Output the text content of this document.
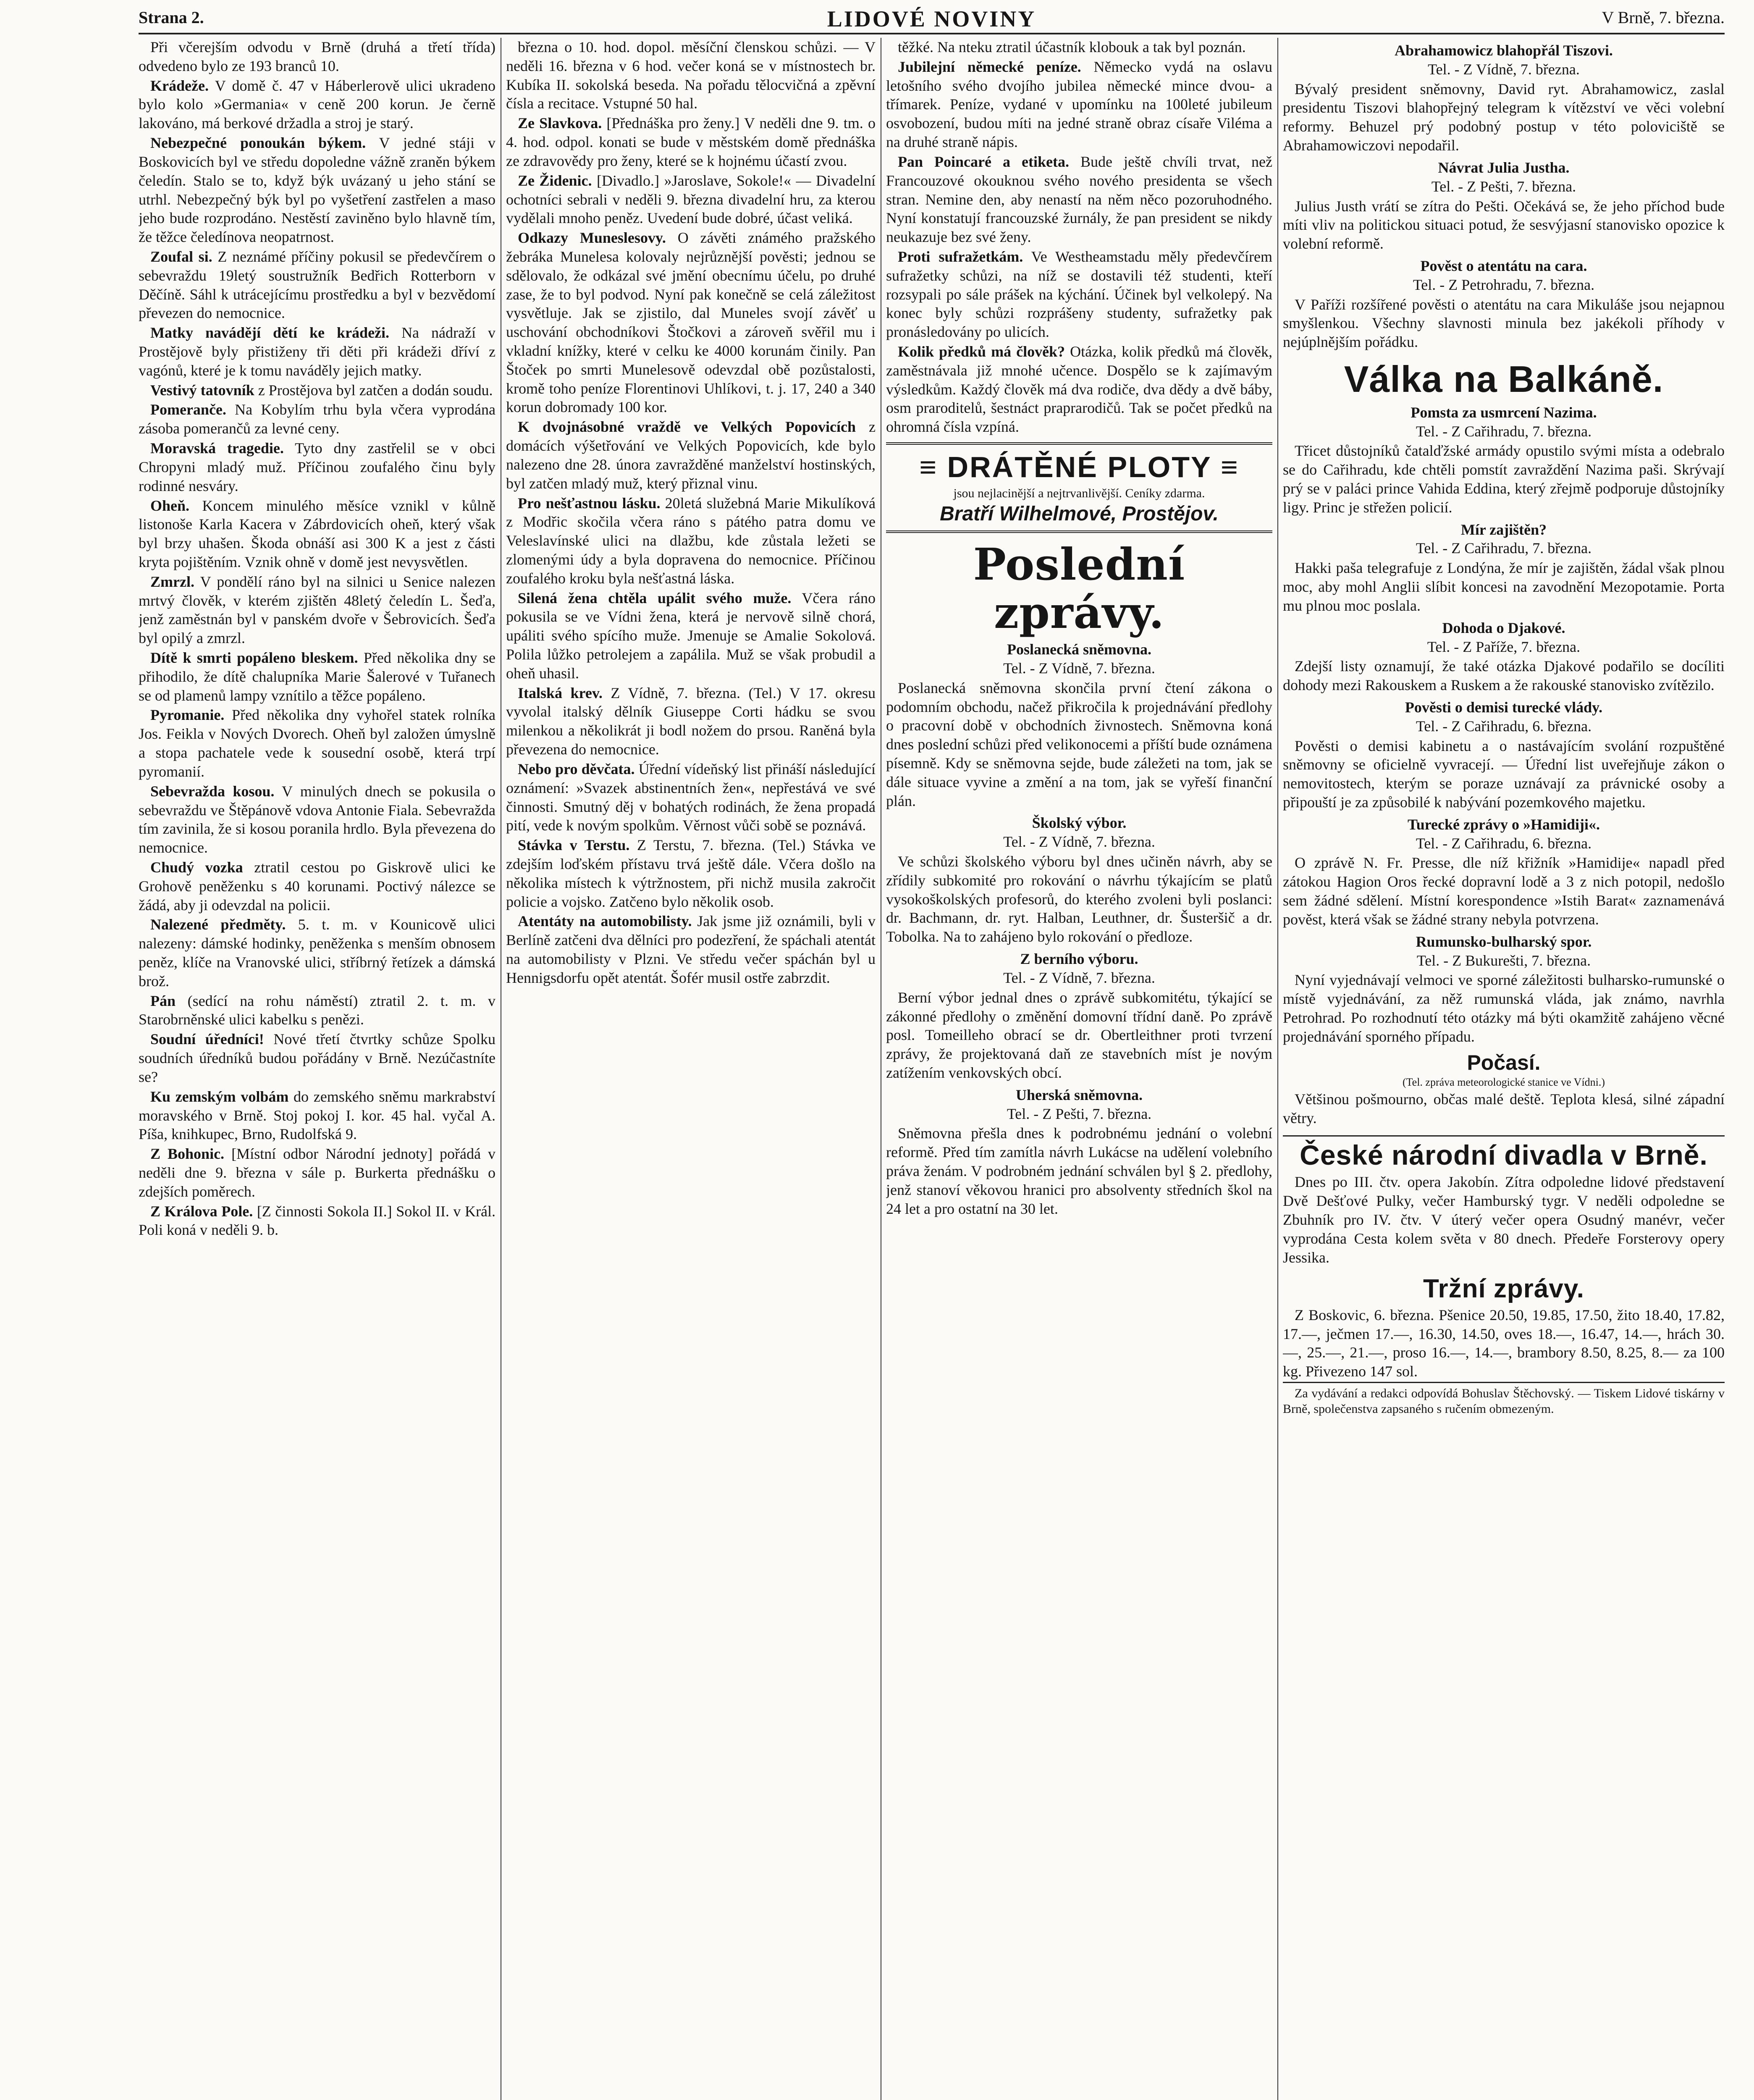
Strana 2.	LIDOVÉ NOVINY	V Brně, 7. března.

Při včerejším odvodu v Brně (druhá a třetí třída) odvedeno bylo ze 193 branců 10.

Krádeže. V domě č. 47 v Háberlerově ulici ukradeno bylo kolo »Germania« v ceně 200 korun. Je černě lakováno, má berkové držadla a stroj je starý.

Nebezpečné ponoukán býkem. V jedné stáji v Boskovicích byl ve středu dopoledne vážně zraněn býkem čeledín. Stalo se to, když býk uvázaný u jeho stání se utrhl. Nebezpečný býk byl po vyšetření zastřelen a maso jeho bude rozprodáno. Nestěstí zaviněno bylo hlavně tím, že těžce čeledínova neopatrnost.

Zoufal si. Z neznámé příčiny pokusil se předevčírem o sebevraždu 19letý soustružník Bedřich Rotterborn v Děčíně. Sáhl k utrácejícímu prostředku a byl v bezvědomí převezen do nemocnice.

Matky navádějí dětí ke krádeži. Na nádraží v Prostějově byly přistiženy tři děti při krádeži dříví z vagónů, které je k tomu naváděly jejich matky.

Vestivý tatovník z Prostějova byl zatčen a dodán soudu.

Pomeranče. Na Kobylím trhu byla včera vyprodána zásoba pomerančů za levné ceny.

Moravská tragedie. Tyto dny zastřelil se v obci Chropyni mladý muž. Příčinou zoufalého činu byly rodinné nesváry.

Oheň. Koncem minulého měsíce vznikl v kůlně listonoše Karla Kacera v Zábrdovicích oheň, který však byl brzy uhašen. Škoda obnáší asi 300 K a jest z části kryta pojištěním. Vznik ohně v domě jest nevysvětlen.

Zmrzl. V pondělí ráno byl na silnici u Senice nalezen mrtvý člověk, v kterém zjištěn 48letý čeledín L. Šeďa, jenž zaměstnán byl v panském dvoře v Šebrovicích. Šeďa byl opilý a zmrzl.

Dítě k smrti popáleno bleskem. Před několika dny se přihodilo, že dítě chalupníka Marie Šalerové v Tuřanech se od plamenů lampy vznítilo a těžce popáleno.

Pyromanie. Před několika dny vyhořel statek rolníka Jos. Feikla v Nových Dvorech. Oheň byl založen úmyslně a stopa pachatele vede k sousední osobě, která trpí pyromanií.

Sebevražda kosou. V minulých dnech se pokusila o sebevraždu ve Štěpánově vdova Antonie Fiala. Sebevražda tím zavinila, že si kosou poranila hrdlo. Byla převezena do nemocnice.

Chudý vozka ztratil cestou po Giskrově ulici ke Grohově peněženku s 40 korunami. Poctivý nálezce se žádá, aby ji odevzdal na policii.

Nalezené předměty. 5. t. m. v Kounicově ulici nalezeny: dámské hodinky, peněženka s menším obnosem peněz, klíče na Vranovské ulici, stříbrný řetízek a dámská brož.

Pán (sedící na rohu náměstí) ztratil 2. t. m. v Starobrněnské ulici kabelku s penězi.

Soudní úředníci! Nové třetí čtvrtky schůze Spolku soudních úředníků budou pořádány v Brně. Nezúčastníte se?

Ku zemským volbám do zemského sněmu markrabství moravského v Brně. Stoj pokoj I. kor. 45 hal. vyčal A. Píša, knihkupec, Brno, Rudolfská 9.

Z Bohonic. [Místní odbor Národní jednoty] pořádá v neděli dne 9. března v sále p. Burkerta přednášku o zdejších poměrech.

Z Králova Pole. [Z činnosti Sokola II.] Sokol II. v Král. Poli koná v neděli 9. b.

března o 10. hod. dopol. měsíční členskou schůzi. — V neděli 16. března v 6 hod. večer koná se v místnostech br. Kubíka II. sokolská beseda. Na pořadu tělocvičná a zpěvní čísla a recitace. Vstupné 50 hal.

Ze Slavkova. [Přednáška pro ženy.] V neděli dne 9. tm. o 4. hod. odpol. konati se bude v městském domě přednáška ze zdravovědy pro ženy, které se k hojnému účastí zvou.

Ze Židenic. [Divadlo.] »Jaroslave, Sokole!« — Divadelní ochotníci sebrali v neděli 9. března divadelní hru, za kterou vydělali mnoho peněz. Uvedení bude dobré, účast veliká.

Odkazy Muneslesovy. O závěti známého pražského žebráka Munelesa kolovaly nejrůznější pověsti; jednou se sdělovalo, že odkázal své jmění obecnímu účelu, po druhé zase, že to byl podvod. Nyní pak konečně se celá záležitost vysvětluje. Jak se zjistilo, dal Muneles svojí závěť u uschování obchodníkovi Štočkovi a zároveň svěřil mu i vkladní knížky, které v celku ke 4000 korunám činily. Pan Štoček po smrti Munelesově odevzdal obě pozůstalosti, kromě toho peníze Florentinovi Uhlíkovi, t. j. 17, 240 a 340 korun dobromady 100 kor.

K dvojnásobné vraždě ve Velkých Popovicích z domácích výšetřování ve Velkých Popovicích, kde bylo nalezeno dne 28. února zavražděné manželství hostinských, byl zatčen mladý muž, který přiznal vinu.

Pro nešťastnou lásku. 20letá služebná Marie Mikulíková z Modřic skočila včera ráno s pátého patra domu ve Veleslavínské ulici na dlažbu, kde zůstala ležeti se zlomenými údy a byla dopravena do nemocnice. Příčinou zoufalého kroku byla nešťastná láska.

Silená žena chtěla upálit svého muže. Včera ráno pokusila se ve Vídni žena, která je nervově silně chorá, upáliti svého spícího muže. Jmenuje se Amalie Sokolová. Polila lůžko petrolejem a zapálila. Muž se však probudil a oheň uhasil.

Italská krev. Z Vídně, 7. března. (Tel.) V 17. okresu vyvolal italský dělník Giuseppe Corti hádku se svou milenkou a několikrát ji bodl nožem do prsou. Raněná byla převezena do nemocnice.

Nebo pro děvčata. Úřední vídeňský list přináší následující oznámení: »Svazek abstinentních žen«, nepřestává ve své činnosti. Smutný děj v bohatých rodinách, že žena propadá pití, vede k novým spolkům. Věrnost vůči sobě se poznává.

Stávka v Terstu. Z Terstu, 7. března. (Tel.) Stávka ve zdejším loďském přístavu trvá ještě dále. Včera došlo na několika místech k výtržnostem, při nichž musila zakročit policie a vojsko. Zatčeno bylo několik osob.

Atentáty na automobilisty. Jak jsme již oznámili, byli v Berlíně zatčeni dva dělníci pro podezření, že spáchali atentát na automobilisty v Plzni. Ve středu večer spáchán byl u Hennigsdorfu opět atentát. Šofér musil ostře zabrzdit.

těžké. Na nteku ztratil účastník klobouk a tak byl poznán.

Jubilejní německé peníze. Německo vydá na oslavu letošního svého dvojího jubilea německé mince dvou- a třímarek. Peníze, vydané v upomínku na 100leté jubileum osvobození, budou míti na jedné straně obraz císaře Viléma a na druhé straně nápis.

Pan Poincaré a etiketa. Bude ještě chvíli trvat, než Francouzové okouknou svého nového presidenta se všech stran. Nemine den, aby nenastí na něm něco pozoruhodného. Nyní konstatují francouzské žurnály, že pan president se nikdy neukazuje bez své ženy.

Proti sufražetkám. Ve Westheamstadu měly předevčírem sufražetky schůzi, na níž se dostavili též studenti, kteří rozsypali po sále prášek na kýchání. Účinek byl velkolepý. Na konec byly schůzi rozprášeny studenty, sufražetky pak pronásledovány po ulicích.

Kolik předků má člověk? Otázka, kolik předků má člověk, zaměstnávala již mnohé učence. Dospělo se k zajímavým výsledkům. Každý člověk má dva rodiče, dva dědy a dvě báby, osm praroditelů, šestnáct praprarodičů. Tak se počet předků na ohromná čísla vzpíná.

≡ DRÁTĚNÉ PLOTY ≡
jsou nejlacinější a nejtrvanlivější. Ceníky zdarma.
Bratří Wilhelmové, Prostějov.
Poslední zprávy.
Poslanecká sněmovna.

Tel. - Z Vídně, 7. března.

Poslanecká sněmovna skončila první čtení zákona o podomním obchodu, načež přikročila k projednávání předlohy o pracovní době v obchodních živnostech. Sněmovna koná dnes poslední schůzi před velikonocemi a příští bude oznámena písemně. Kdy se sněmovna sejde, bude záležeti na tom, jak se dále situace vyvine a změní a na tom, jak se vyřeší finanční plán.

Školský výbor.

Tel. - Z Vídně, 7. března.

Ve schůzi školského výboru byl dnes učiněn návrh, aby se zřídily subkomité pro rokování o návrhu týkajícím se platů vysokoškolských profesorů, do kterého zvoleni byli poslanci: dr. Bachmann, dr. ryt. Halban, Leuthner, dr. Šusteršič a dr. Tobolka. Na to zahájeno bylo rokování o předloze.

Z berního výboru.

Tel. - Z Vídně, 7. března.

Berní výbor jednal dnes o zprávě subkomitétu, týkající se zákonné předlohy o změnění domovní třídní daně. Po zprávě posl. Tomeilleho obrací se dr. Obertleithner proti tvrzení zprávy, že projektovaná daň ze stavebních míst je novým zatížením venkovských obcí.

Uherská sněmovna.

Tel. - Z Pešti, 7. března.

Sněmovna přešla dnes k podrobnému jednání o volební reformě. Před tím zamítla návrh Lukácse na udělení volebního práva ženám. V podrobném jednání schválen byl § 2. předlohy, jenž stanoví věkovou hranici pro absolventy středních škol na 24 let a pro ostatní na 30 let.

Abrahamowicz blahopřál Tiszovi.

Tel. - Z Vídně, 7. března.

Bývalý president sněmovny, David ryt. Abrahamowicz, zaslal presidentu Tiszovi blahopřejný telegram k vítězství ve věci volební reformy. Behuzel prý podobný postup v této poloviciště se Abrahamowiczovi nepodařil.

Návrat Julia Justha.

Tel. - Z Pešti, 7. března.

Julius Justh vrátí se zítra do Pešti. Očekává se, že jeho příchod bude míti vliv na politickou situaci potud, že sesvýjasní stanovisko opozice k volební reformě.

Pověst o atentátu na cara.

Tel. - Z Petrohradu, 7. března.

V Paříži rozšířené pověsti o atentátu na cara Mikuláše jsou nejapnou smyšlenkou. Všechny slavnosti minula bez jakékoli příhody v nejúplnějším pořádku.

Válka na Balkáně.
Pomsta za usmrcení Nazima.

Tel. - Z Cařihradu, 7. března.

Třicet důstojníků čatalďžské armády opustilo svými místa a odebralo se do Cařihradu, kde chtěli pomstít zavraždění Nazima paši. Skrývají prý se v paláci prince Vahida Eddina, který zřejmě podporuje důstojníky ligy. Princ je střežen policií.

Mír zajištěn?

Tel. - Z Cařihradu, 7. března.

Hakki paša telegrafuje z Londýna, že mír je zajištěn, žádal však plnou moc, aby mohl Anglii slíbit koncesi na zavodnění Mezopotamie. Porta mu plnou moc poslala.

Dohoda o Djakové.

Tel. - Z Paříže, 7. března.

Zdejší listy oznamují, že také otázka Djakové podařilo se docíliti dohody mezi Rakouskem a Ruskem a že rakouské stanovisko zvítězilo.

Pověsti o demisi turecké vlády.

Tel. - Z Cařihradu, 6. března.

Pověsti o demisi kabinetu a o nastávajícím svolání rozpuštěné sněmovny se oficielně vyvracejí. — Úřední list uveřejňuje zákon o nemovitostech, kterým se poraze uznávají za právnické osoby a připouští je za způsobilé k nabývání pozemkového majetku.

Turecké zprávy o »Hamidiji«.

Tel. - Z Cařihradu, 6. března.

O zprávě N. Fr. Presse, dle níž křižník »Hamidije« napadl před zátokou Hagion Oros řecké dopravní lodě a 3 z nich potopil, nedošlo sem žádné sdělení. Místní korespondence »Istih Barat« zaznamenává pověst, která však se žádné strany nebyla potvrzena.

Rumunsko-bulharský spor.

Tel. - Z Bukurešti, 7. března.

Nyní vyjednávají velmoci ve sporné záležitosti bulharsko-rumunské o místě vyjednávání, za něž rumunská vláda, jak známo, navrhla Petrohrad. Po rozhodnutí této otázky má býti okamžitě zahájeno věcné projednávání sporného případu.

Počasí.

(Tel. zpráva meteorologické stanice ve Vídni.)

Většinou pošmourno, občas malé deště. Teplota klesá, silné západní větry.

České národní divadla v Brně.

Dnes po III. čtv. opera Jakobín. Zítra odpoledne lidové představení Dvě Dešťové Pulky, večer Hamburský tygr. V neděli odpoledne se Zbuhník pro IV. čtv. V úterý večer opera Osudný manévr, večer vyprodána Cesta kolem světa v 80 dnech. Předeře Forsterovy opery Jessika.

Tržní zprávy.

Z Boskovic, 6. března. Pšenice 20.50, 19.85, 17.50, žito 18.40, 17.82, 17.—, ječmen 17.—, 16.30, 14.50, oves 18.—, 16.47, 14.—, hrách 30.—, 25.—, 21.—, proso 16.—, 14.—, brambory 8.50, 8.25, 8.— za 100 kg. Přivezeno 147 sol.

Za vydávání a redakci odpovídá Bohuslav Štěchovský. — Tiskem Lidové tiskárny v Brně, společenstva zapsaného s ručením obmezeným.
